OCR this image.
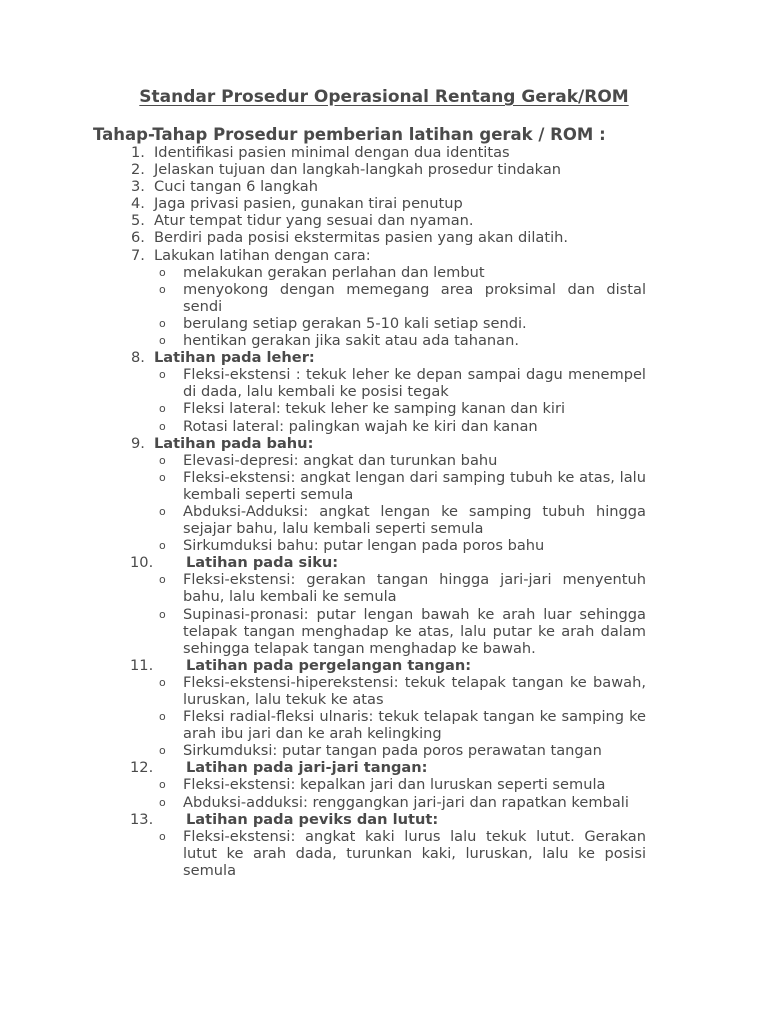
Standar Prosedur Operasional Rentang Gerak/ROM
Tahap-Tahap Prosedur pemberian latihan gerak / ROM :
1. Identifikasi pasien minimal dengan dua identitas
2. Jelaskan tujuan dan langkah-langkah prosedur tindakan
3. Cuci tangan 6 langkah
4. Jaga privasi pasien, gunakan tirai penutup
5. Atur tempat tidur yang sesuai dan nyaman.
6. Berdiri pada posisi ekstermitas pasien yang akan dilatih.
7. Lakukan latihan dengan cara:
o melakukan gerakan perlahan dan lembut
o menyokong dengan memegang area proksimal dan distal sendi
o berulang setiap gerakan 5-10 kali setiap sendi.
o hentikan gerakan jika sakit atau ada tahanan.
8. Latihan pada leher:
o Fleksi-ekstensi : tekuk leher ke depan sampai dagu menempel di dada, lalu kembali ke posisi tegak
o Fleksi lateral: tekuk leher ke samping kanan dan kiri
o Rotasi lateral: palingkan wajah ke kiri dan kanan
9. Latihan pada bahu:
o Elevasi-depresi: angkat dan turunkan bahu
o Fleksi-ekstensi: angkat lengan dari samping tubuh ke atas, lalu kembali seperti semula
o Abduksi-Adduksi: angkat lengan ke samping tubuh hingga sejajar bahu, lalu kembali seperti semula
o Sirkumduksi bahu: putar lengan pada poros bahu
10. Latihan pada siku:
o Fleksi-ekstensi: gerakan tangan hingga jari-jari menyentuh bahu, lalu kembali ke semula
o Supinasi-pronasi: putar lengan bawah ke arah luar sehingga telapak tangan menghadap ke atas, lalu putar ke arah dalam sehingga telapak tangan menghadap ke bawah.
11. Latihan pada pergelangan tangan:
o Fleksi-ekstensi-hiperekstensi: tekuk telapak tangan ke bawah, luruskan, lalu tekuk ke atas
o Fleksi radial-fleksi ulnaris: tekuk telapak tangan ke samping ke arah ibu jari dan ke arah kelingking
o Sirkumduksi: putar tangan pada poros perawatan tangan
12. Latihan pada jari-jari tangan:
o Fleksi-ekstensi: kepalkan jari dan luruskan seperti semula
o Abduksi-adduksi: renggangkan jari-jari dan rapatkan kembali
13. Latihan pada peviks dan lutut:
o Fleksi-ekstensi: angkat kaki lurus lalu tekuk lutut. Gerakan lutut ke arah dada, turunkan kaki, luruskan, lalu ke posisi semula
